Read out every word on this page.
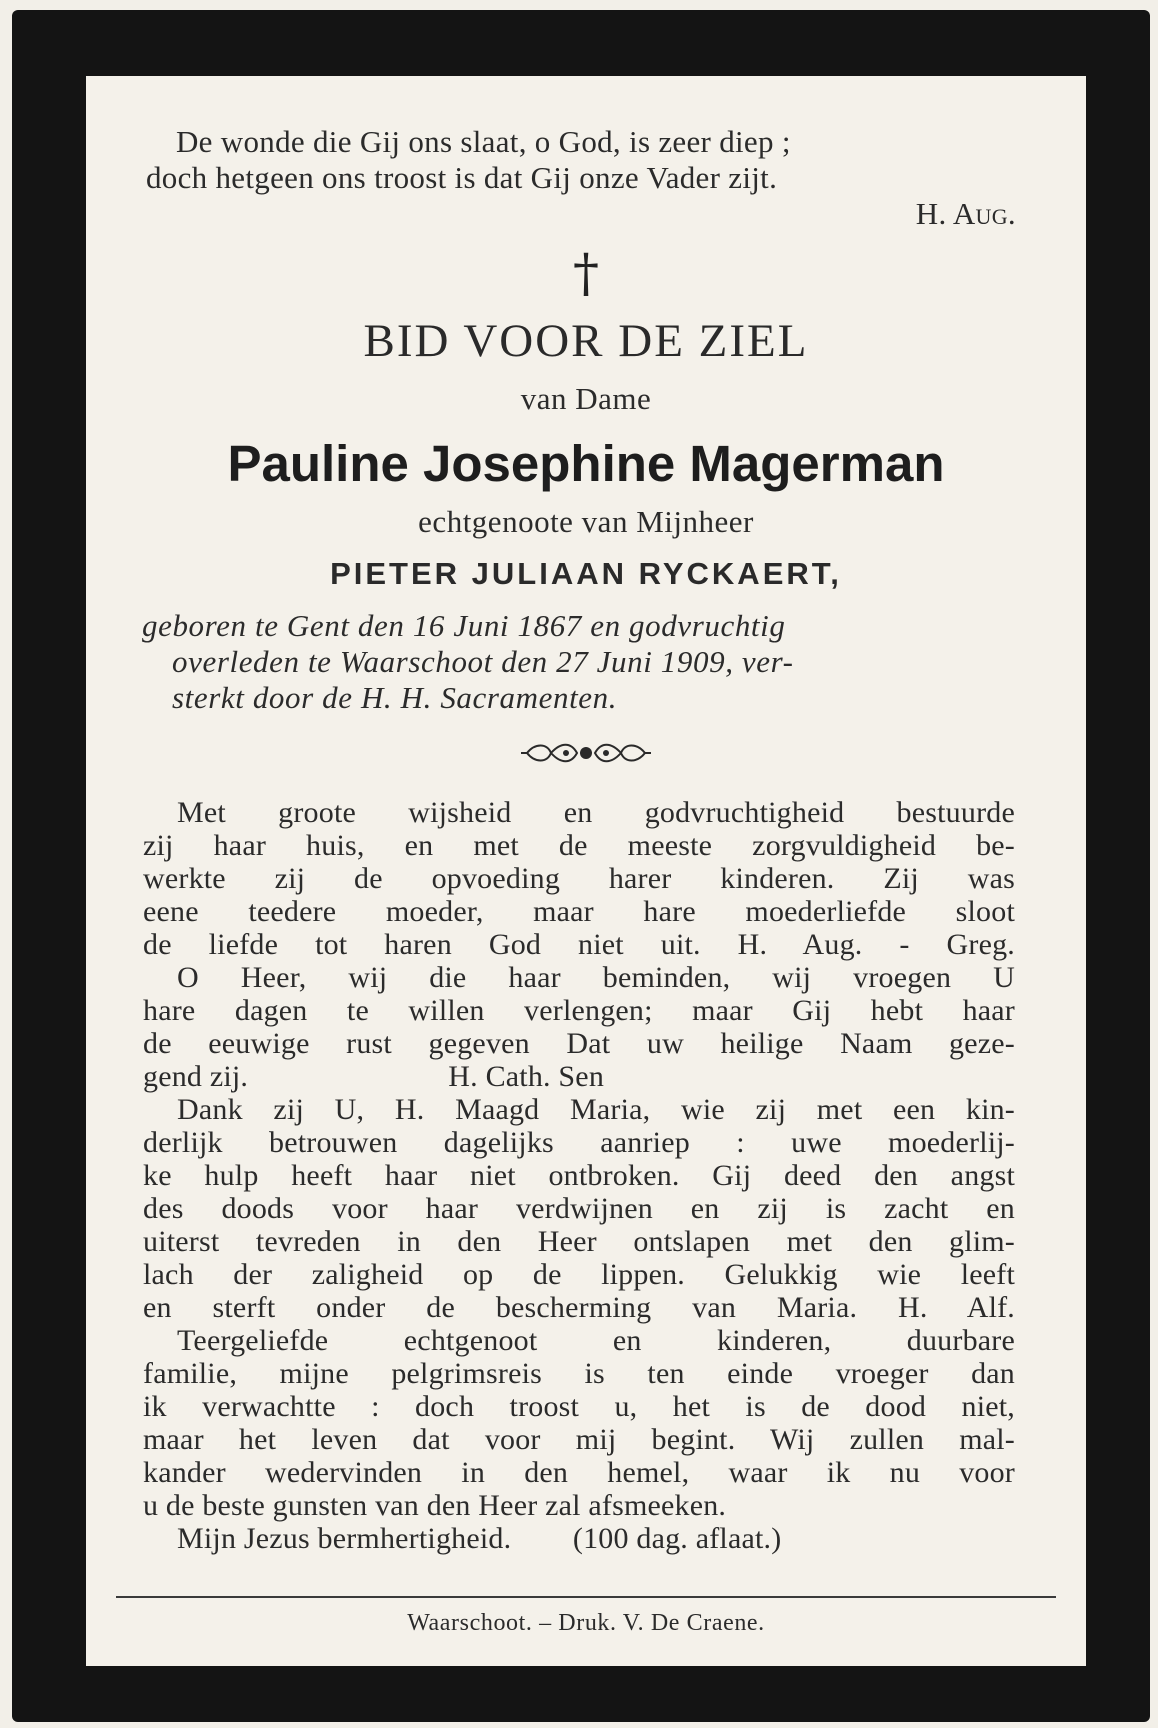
De wonde die Gij ons slaat, o God, is zeer diep ;
doch hetgeen ons troost is dat Gij onze Vader zijt.
H. Aug.
†
BID VOOR DE ZIEL
van Dame
Pauline Josephine Magerman
echtgenoote van Mijnheer
PIETER JULIAAN RYCKAERT,
geboren te Gent den 16 Juni 1867 en godvruchtig
overleden te Waarschoot den 27 Juni 1909, ver-
sterkt door de H. H. Sacramenten.
Met groote wijsheid en godvruchtigheid bestuurde
zij haar huis, en met de meeste zorgvuldigheid be-
werkte zij de opvoeding harer kinderen. Zij was
eene teedere moeder, maar hare moederliefde sloot
de liefde tot haren God niet uit. H. Aug. - Greg.
O Heer, wij die haar beminden, wij vroegen U
hare dagen te willen verlengen; maar Gij hebt haar
de eeuwige rust gegeven Dat uw heilige Naam geze-
gend zij.                          H. Cath. Sen
Dank zij U, H. Maagd Maria, wie zij met een kin-
derlijk betrouwen dagelijks aanriep : uwe moederlij-
ke hulp heeft haar niet ontbroken. Gij deed den angst
des doods voor haar verdwijnen en zij is zacht en
uiterst tevreden in den Heer ontslapen met den glim-
lach der zaligheid op de lippen. Gelukkig wie leeft
en sterft onder de bescherming van Maria. H. Alf.
Teergeliefde echtgenoot en kinderen, duurbare
familie, mijne pelgrimsreis is ten einde vroeger dan
ik verwachtte : doch troost u, het is de dood niet,
maar het leven dat voor mij begint. Wij zullen mal-
kander wedervinden in den hemel, waar ik nu voor
u de beste gunsten van den Heer zal afsmeeken.
Mijn Jezus bermhertigheid.        (100 dag. aflaat.)
Waarschoot. – Druk. V. De Craene.
